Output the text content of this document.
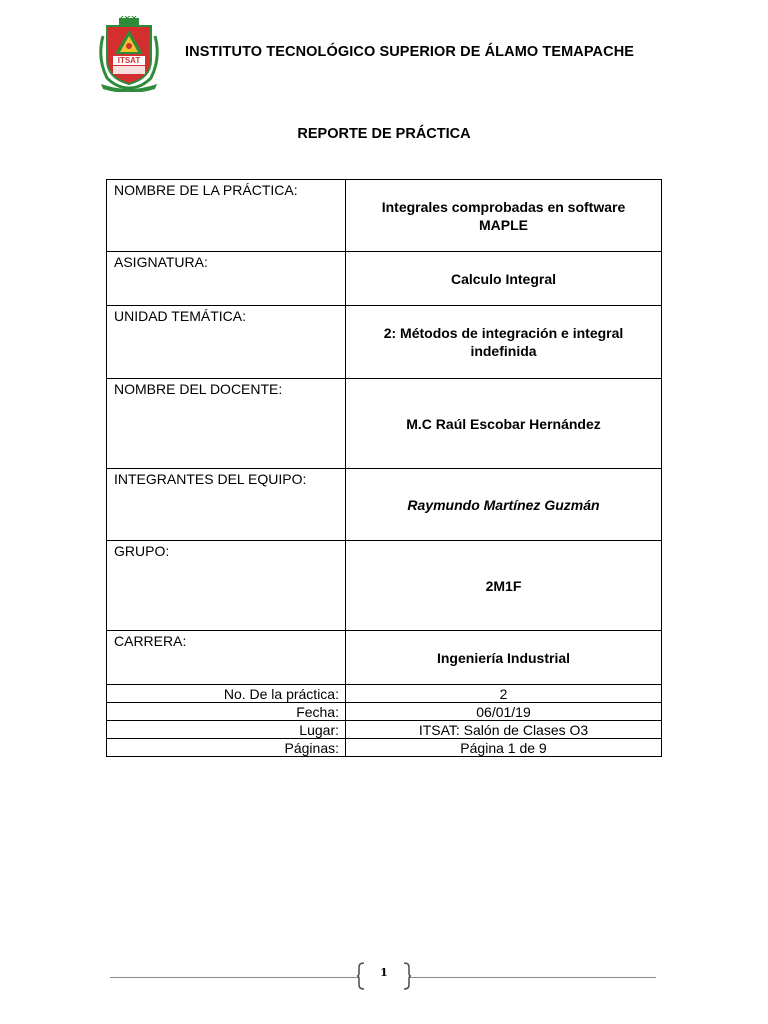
ITSAT
INSTITUTO TECNOLÓGICO SUPERIOR DE ÁLAMO TEMAPACHE
REPORTE DE PRÁCTICA
NOMBRE DE LA PRÁCTICA:	Integrales comprobadas en software MAPLE
ASIGNATURA:	Calculo Integral
UNIDAD TEMÁTICA:	2: Métodos de integración e integral indefinida
NOMBRE DEL DOCENTE:	M.C Raúl Escobar Hernández
INTEGRANTES DEL EQUIPO:	Raymundo Martínez Guzmán
GRUPO:	2M1F
CARRERA:	Ingeniería Industrial
No. De la práctica:	2
Fecha:	06/01/19
Lugar:	ITSAT: Salón de Clases O3
Páginas:	Página 1 de 9
1
